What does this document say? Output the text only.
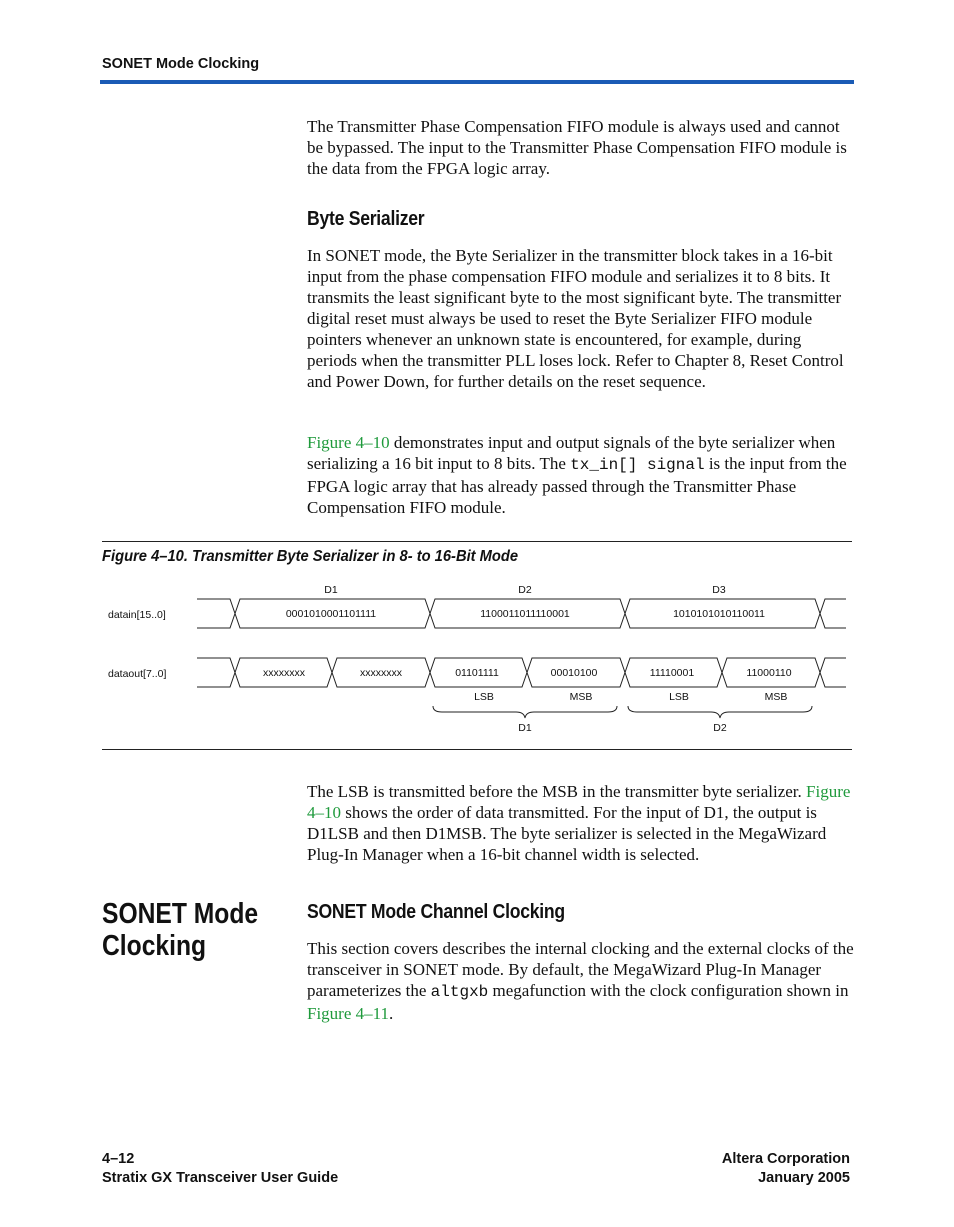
SONET Mode Clocking

The Transmitter Phase Compensation FIFO module is always used and cannot be bypassed. The input to the Transmitter Phase Compensation FIFO module is the data from the FPGA logic array.

Byte Serializer

In SONET mode, the Byte Serializer in the transmitter block takes in a 16-bit input from the phase compensation FIFO module and serializes it to 8 bits. It transmits the least significant byte to the most significant byte. The transmitter digital reset must always be used to reset the Byte Serializer FIFO module pointers whenever an unknown state is encountered, for example, during periods when the transmitter PLL loses lock. Refer to Chapter 8, Reset Control and Power Down, for further details on the reset sequence.

Figure 4–10 demonstrates input and output signals of the byte serializer when serializing a 16 bit input to 8 bits. The tx_in[] signal is the input from the FPGA logic array that has already passed through the Transmitter Phase Compensation FIFO module.

Figure 4–10. Transmitter Byte Serializer in 8- to 16-Bit Mode
datain[15..0]
dataout[7..0]
D1	D2	D3
0001010001101111	1100011011110001	1010101010110011
xxxxxxxx	xxxxxxxx	01101111	00010100	11110001	11000110
LSB	MSB	LSB	MSB
D1	D2

The LSB is transmitted before the MSB in the transmitter byte serializer. Figure 4–10 shows the order of data transmitted. For the input of D1, the output is D1LSB and then D1MSB. The byte serializer is selected in the MegaWizard Plug-In Manager when a 16-bit channel width is selected.

SONET Mode
Clocking
SONET Mode Channel Clocking

This section covers describes the internal clocking and the external clocks of the transceiver in SONET mode. By default, the MegaWizard Plug-In Manager parameterizes the altgxb megafunction with the clock configuration shown in Figure 4–11.

4–12
Stratix GX Transceiver User Guide
Altera Corporation
January 2005
